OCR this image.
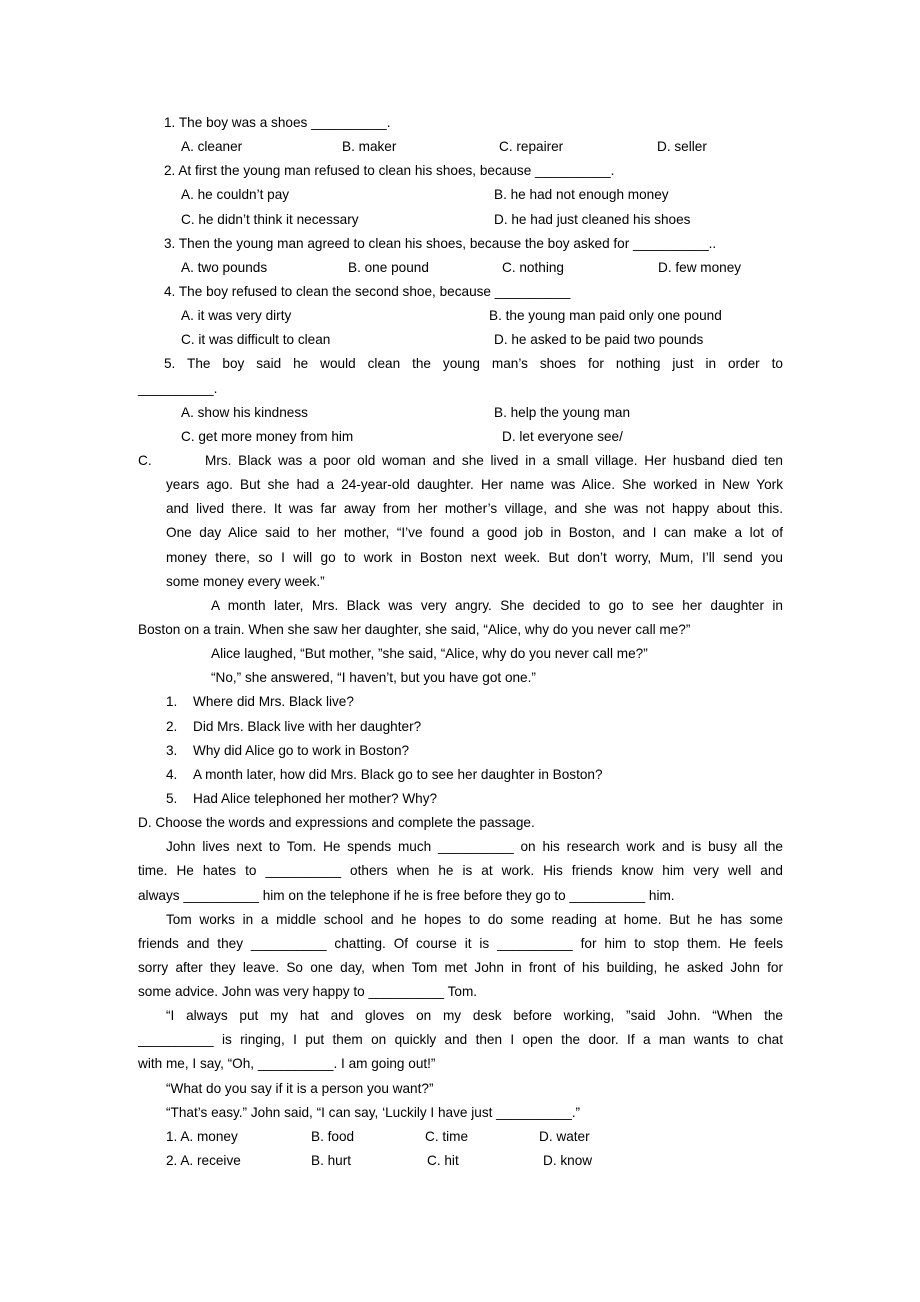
1. The boy was a shoes __________.
A. cleaner	B. maker	C. repairer	D. seller
2. At first the young man refused to clean his shoes, because __________.
A. he couldn’t pay	B. he had not enough money
C. he didn’t think it necessary	D. he had just cleaned his shoes
3. Then the young man agreed to clean his shoes, because the boy asked for __________..
A. two pounds	B. one pound	C. nothing	D. few money
4. The boy refused to clean the second shoe, because __________
A. it was very dirty	B. the young man paid only one pound
C. it was difficult to clean	D. he asked to be paid two pounds
5. The boy said he would clean the young man’s shoes for nothing just in order to
__________.
A. show his kindness	B. help the young man
C. get more money from him	D. let everyone see/
C.	Mrs. Black was a poor old woman and she lived in a small village. Her husband died ten
years ago. But she had a 24-year-old daughter. Her name was Alice. She worked in New York
and lived there. It was far away from her mother’s village, and she was not happy about this.
One day Alice said to her mother, “I’ve found a good job in Boston, and I can make a lot of
money there, so I will go to work in Boston next week. But don’t worry, Mum, I’ll send you
some money every week.”
A month later, Mrs. Black was very angry. She decided to go to see her daughter in
Boston on a train. When she saw her daughter, she said, “Alice, why do you never call me?”
Alice laughed, “But mother, ”she said, “Alice, why do you never call me?”
“No,” she answered, “I haven’t, but you have got one.”
1. Where did Mrs. Black live?
2. Did Mrs. Black live with her daughter?
3. Why did Alice go to work in Boston?
4. A month later, how did Mrs. Black go to see her daughter in Boston?
5. Had Alice telephoned her mother? Why?
D. Choose the words and expressions and complete the passage.
John lives next to Tom. He spends much __________ on his research work and is busy all the
time. He hates to __________ others when he is at work. His friends know him very well and
always __________ him on the telephone if he is free before they go to __________ him.
Tom works in a middle school and he hopes to do some reading at home. But he has some
friends and they __________ chatting. Of course it is __________ for him to stop them. He feels
sorry after they leave. So one day, when Tom met John in front of his building, he asked John for
some advice. John was very happy to __________ Tom.
“I always put my hat and gloves on my desk before working, ”said John. “When the
__________ is ringing, I put them on quickly and then I open the door. If a man wants to chat
with me, I say, “Oh, __________. I am going out!”
“What do you say if it is a person you want?”
“That’s easy.” John said, “I can say, ‘Luckily I have just __________.”
1. A. money	B. food	C. time	D. water
2. A. receive	B. hurt	C. hit	D. know
